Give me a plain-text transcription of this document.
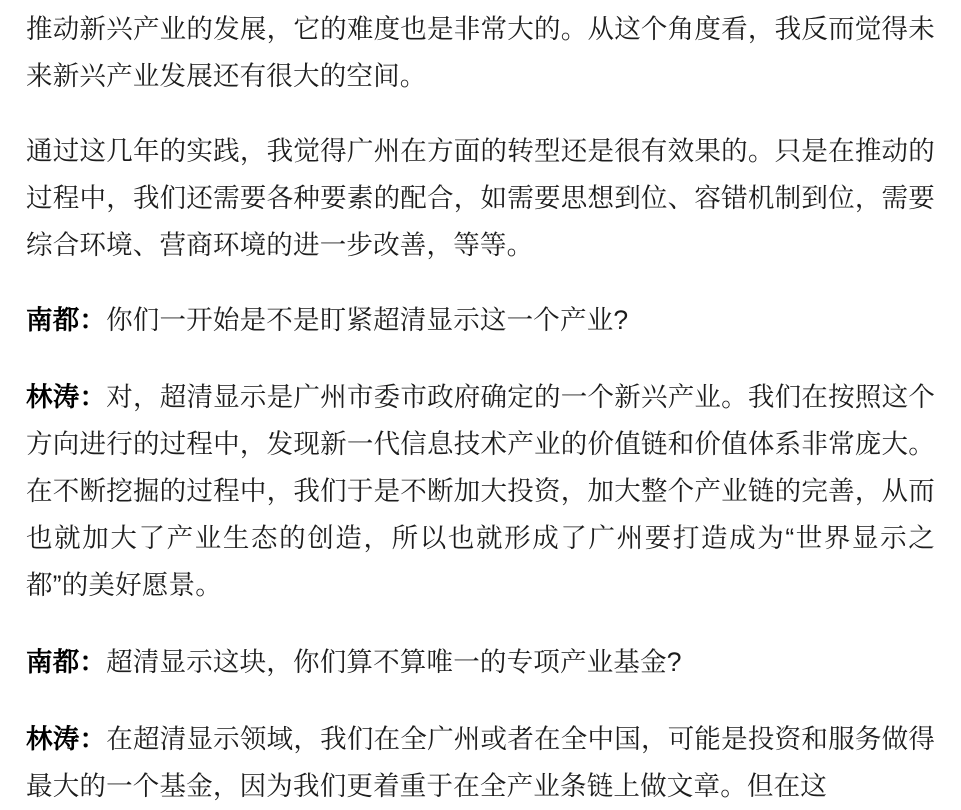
推动新兴产业的发展，它的难度也是非常大的。从这个角度看，我反而觉得未来新兴产业发展还有很大的空间。

通过这几年的实践，我觉得广州在方面的转型还是很有效果的。只是在推动的过程中，我们还需要各种要素的配合，如需要思想到位、容错机制到位，需要综合环境、营商环境的进一步改善，等等。

南都：你们一开始是不是盯紧超清显示这一个产业?

林涛：对，超清显示是广州市委市政府确定的一个新兴产业。我们在按照这个方向进行的过程中，发现新一代信息技术产业的价值链和价值体系非常庞大。在不断挖掘的过程中，我们于是不断加大投资，加大整个产业链的完善，从而也就加大了产业生态的创造，所以也就形成了广州要打造成为“世界显示之都”的美好愿景。

南都：超清显示这块，你们算不算唯一的专项产业基金?

林涛：在超清显示领域，我们在全广州或者在全中国，可能是投资和服务做得最大的一个基金，因为我们更着重于在全产业条链上做文章。但在这
